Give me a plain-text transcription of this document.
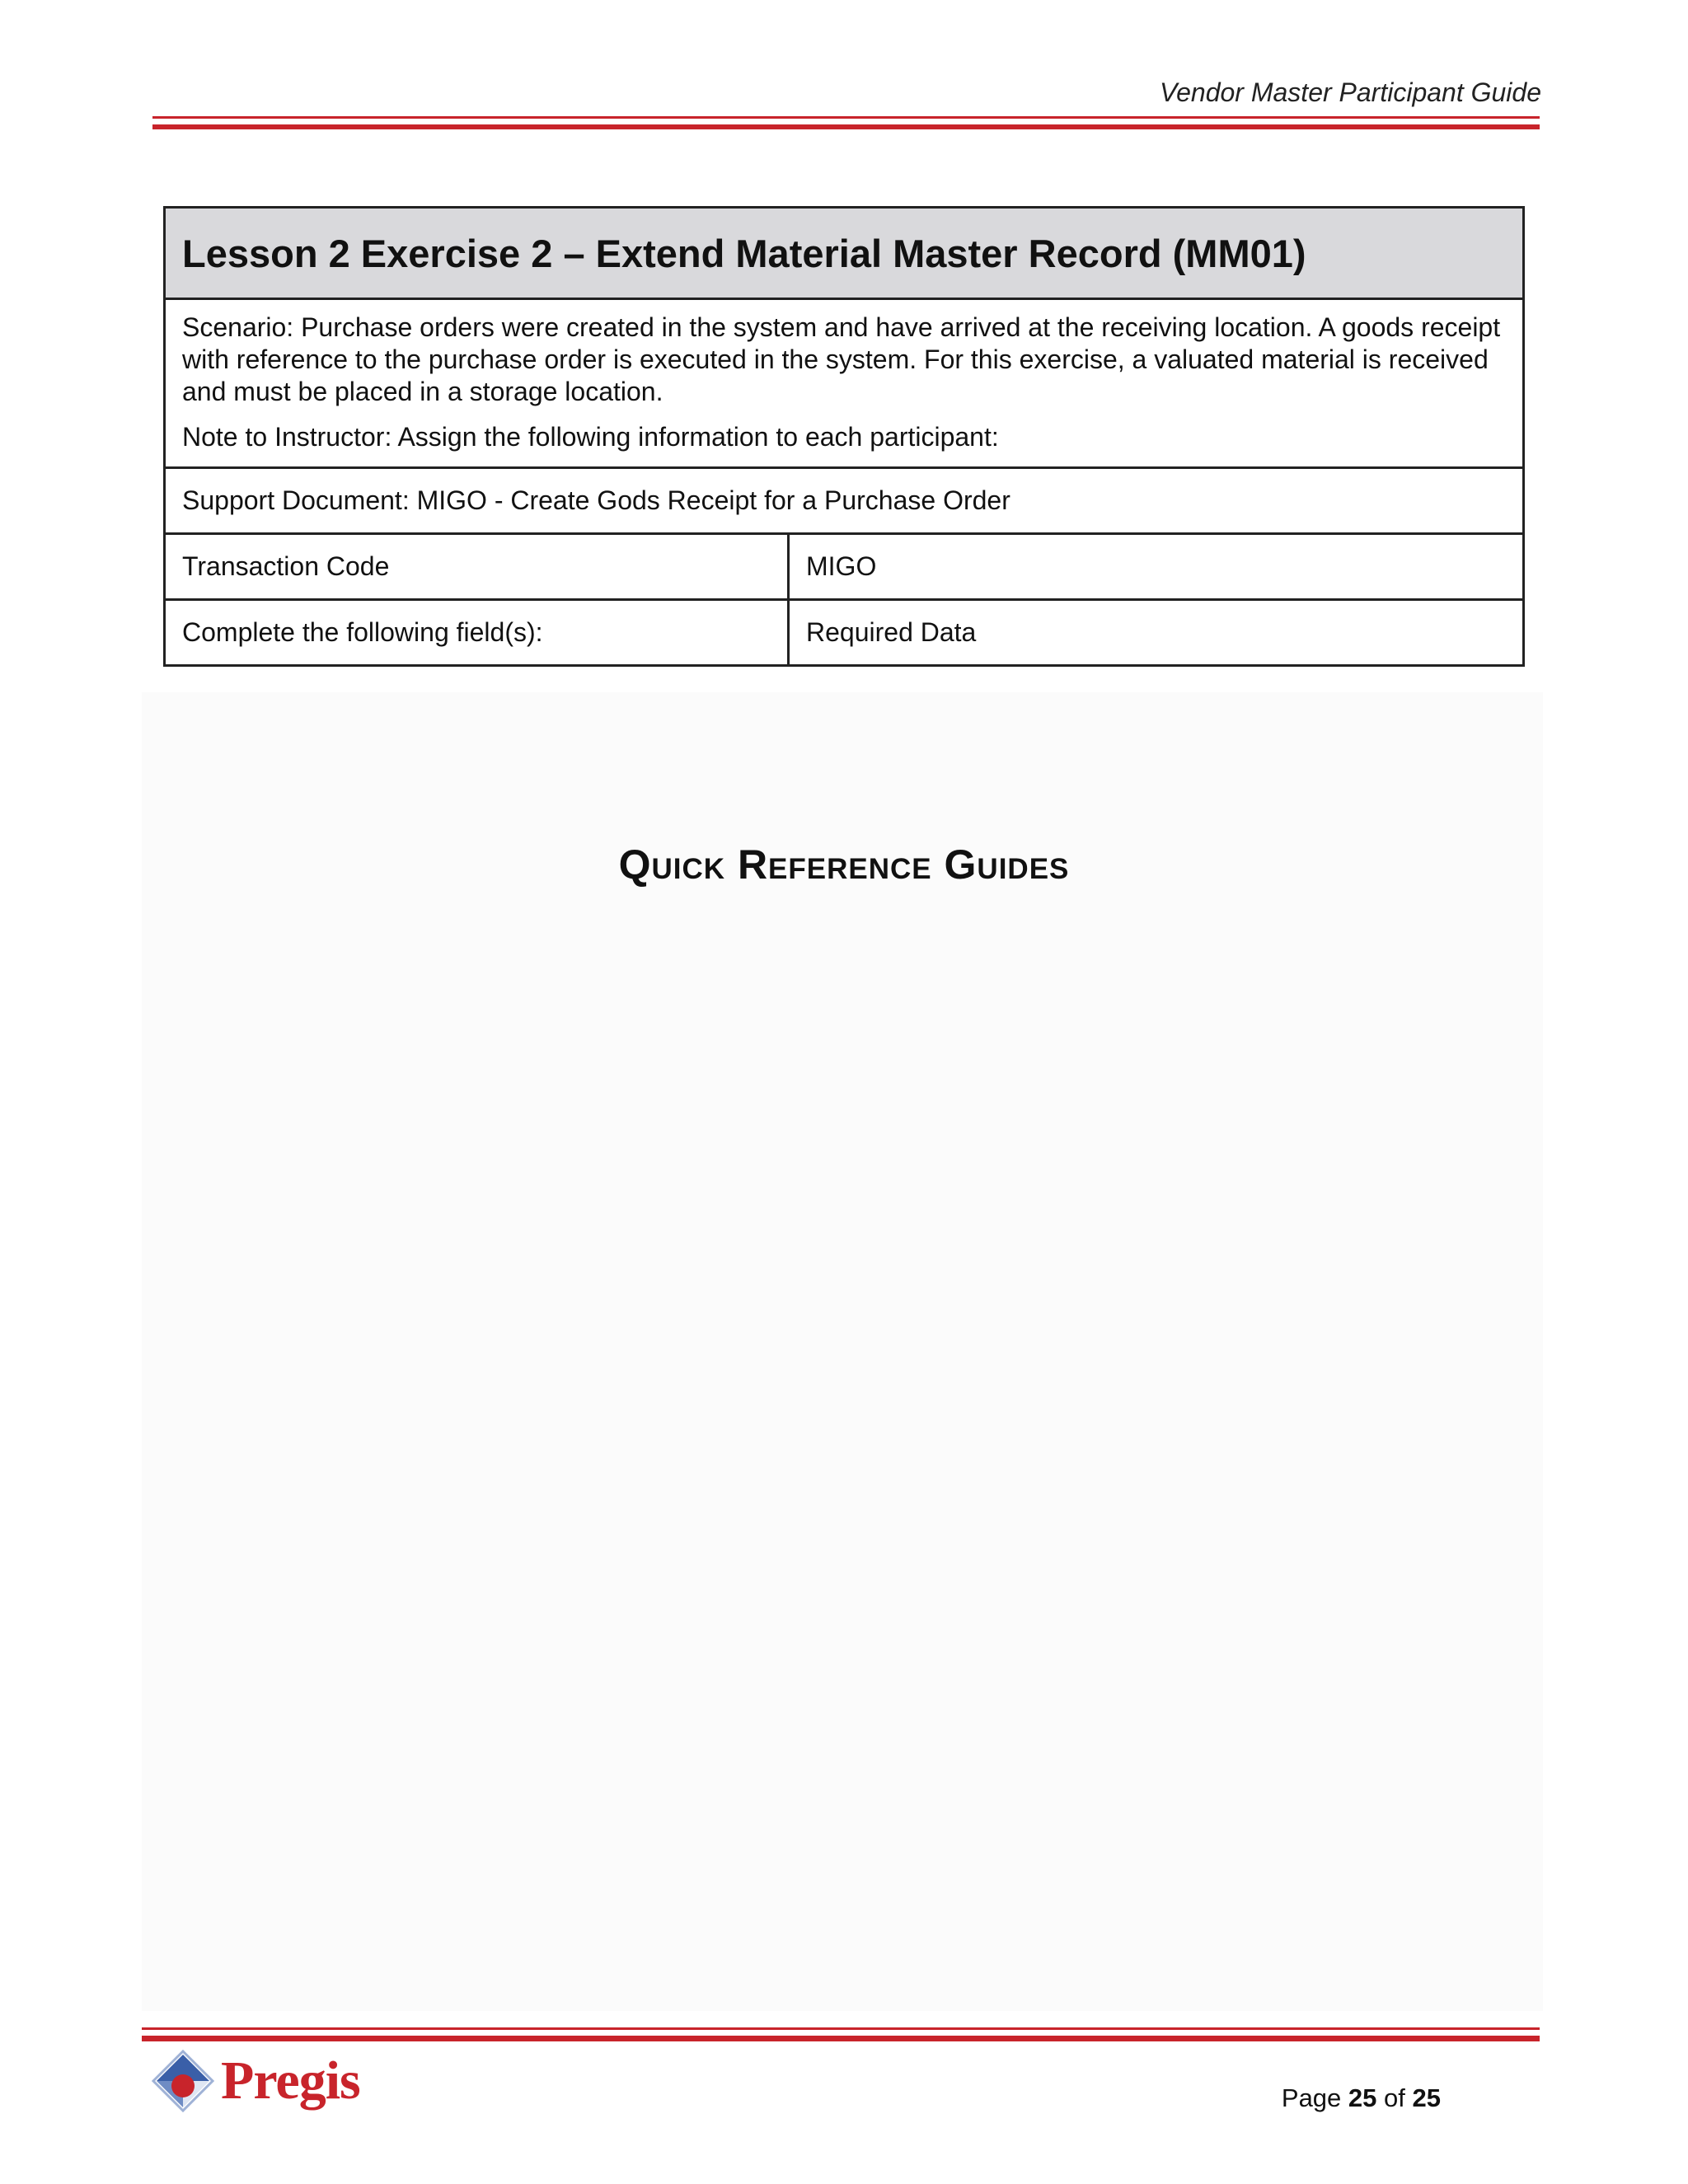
Vendor Master Participant Guide
Lesson 2 Exercise 2 – Extend Material Master Record (MM01)

Scenario: Purchase orders were created in the system and have arrived at the receiving location. A goods receipt with reference to the purchase order is executed in the system. For this exercise, a valuated material is received and must be placed in a storage location.

Note to Instructor: Assign the following information to each participant:

Support Document: MIGO - Create Gods Receipt for a Purchase Order
Transaction Code	MIGO
Complete the following field(s):	Required Data
Quick Reference Guides
Pregis	Page 25 of 25
